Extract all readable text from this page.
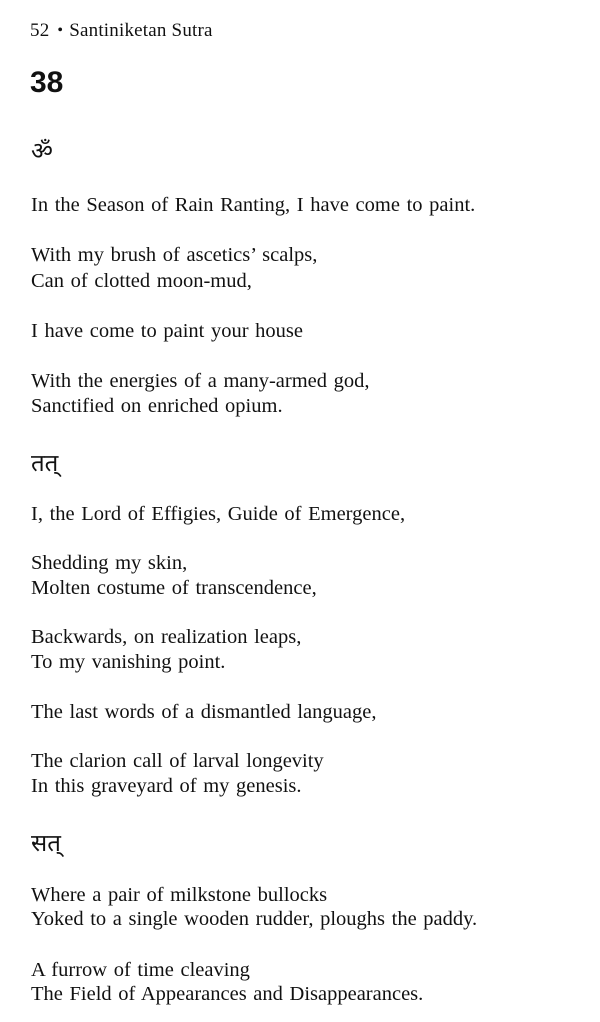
52 • Santiniketan Sutra
38
ॐ
In the Season of Rain Ranting, I have come to paint.
With my brush of ascetics’ scalps,
Can of clotted moon-mud,
I have come to paint your house
With the energies of a many-armed god,
Sanctified on enriched opium.
तत्
I, the Lord of Effigies, Guide of Emergence,
Shedding my skin,
Molten costume of transcendence,
Backwards, on realization leaps,
To my vanishing point.
The last words of a dismantled language,
The clarion call of larval longevity
In this graveyard of my genesis.
सत्
Where a pair of milkstone bullocks
Yoked to a single wooden rudder, ploughs the paddy.
A furrow of time cleaving
The Field of Appearances and Disappearances.
